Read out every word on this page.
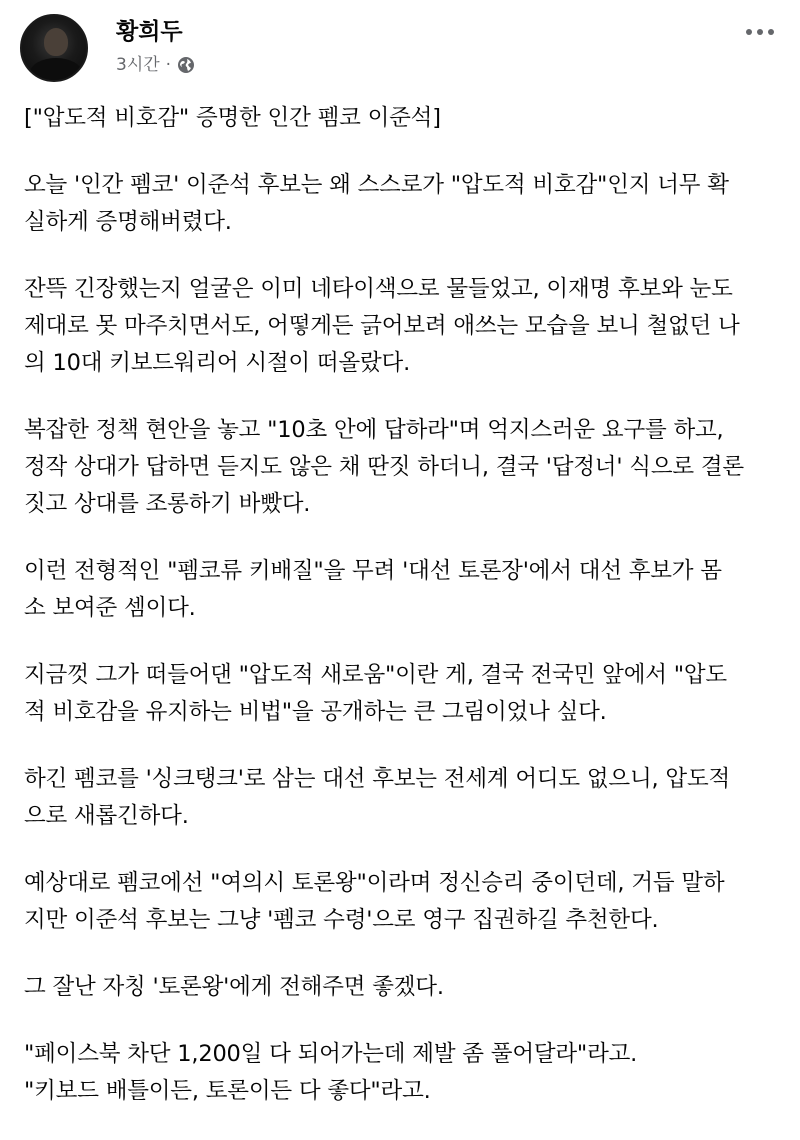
황희두
3시간 ·

["압도적 비호감" 증명한 인간 펨코 이준석]

오늘 '인간 펨코' 이준석 후보는 왜 스스로가 "압도적 비호감"인지 너무 확
실하게 증명해버렸다.

잔뜩 긴장했는지 얼굴은 이미 네타이색으로 물들었고, 이재명 후보와 눈도
제대로 못 마주치면서도, 어떻게든 긁어보려 애쓰는 모습을 보니 철없던 나
의 10대 키보드워리어 시절이 떠올랐다.

복잡한 정책 현안을 놓고 "10초 안에 답하라"며 억지스러운 요구를 하고,
정작 상대가 답하면 듣지도 않은 채 딴짓 하더니, 결국 '답정너' 식으로 결론
짓고 상대를 조롱하기 바빴다.

이런 전형적인 "펨코류 키배질"을 무려 '대선 토론장'에서 대선 후보가 몸
소 보여준 셈이다.

지금껏 그가 떠들어댄 "압도적 새로움"이란 게, 결국 전국민 앞에서 "압도
적 비호감을 유지하는 비법"을 공개하는 큰 그림이었나 싶다.

하긴 펨코를 '싱크탱크'로 삼는 대선 후보는 전세계 어디도 없으니, 압도적
으로 새롭긴하다.

예상대로 펨코에선 "여의시 토론왕"이라며 정신승리 중이던데, 거듭 말하
지만 이준석 후보는 그냥 '펨코 수령'으로 영구 집권하길 추천한다.

그 잘난 자칭 '토론왕'에게 전해주면 좋겠다.

"페이스북 차단 1,200일 다 되어가는데 제발 좀 풀어달라"라고.
"키보드 배틀이든, 토론이든 다 좋다"라고.
